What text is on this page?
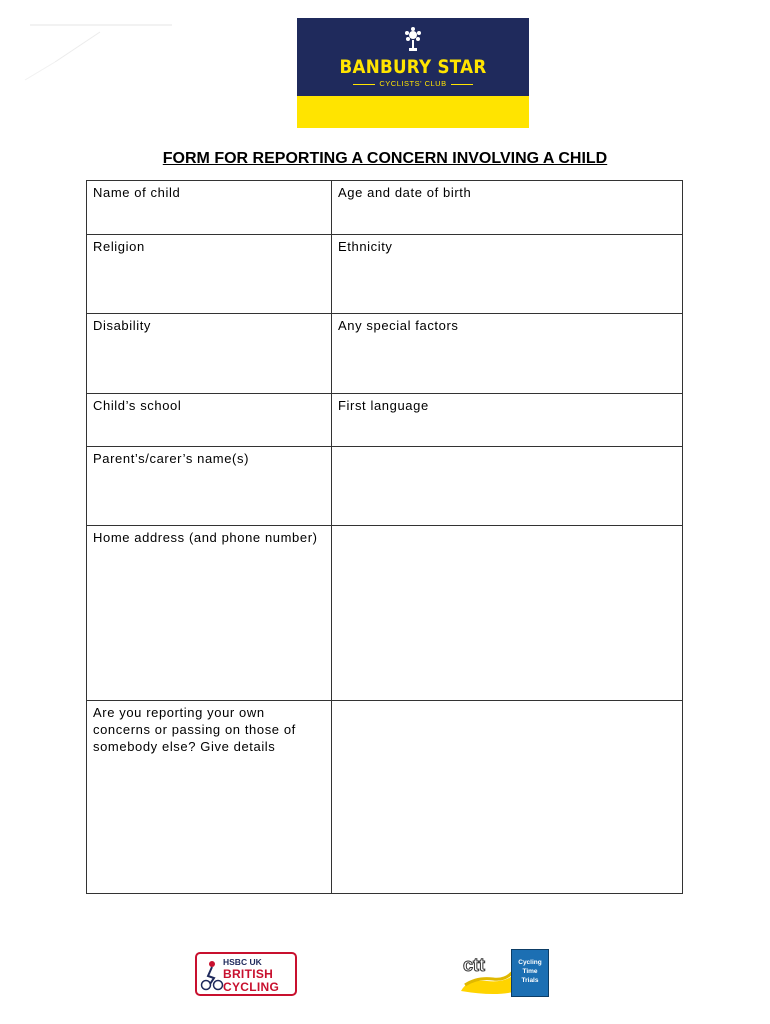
BANBURY STAR
CYCLISTS' CLUB
FORM FOR REPORTING A CONCERN INVOLVING A CHILD
Name of child	Age and date of birth
Religion	Ethnicity
Disability	Any special factors
Child’s school	First language
Parent’s/carer’s name(s)	
Home address (and phone number)	
Are you reporting your own concerns or passing on those of somebody else? Give details	
HSBC UK
BRITISH
CYCLING
ctt	Cycling
Time
Trials
